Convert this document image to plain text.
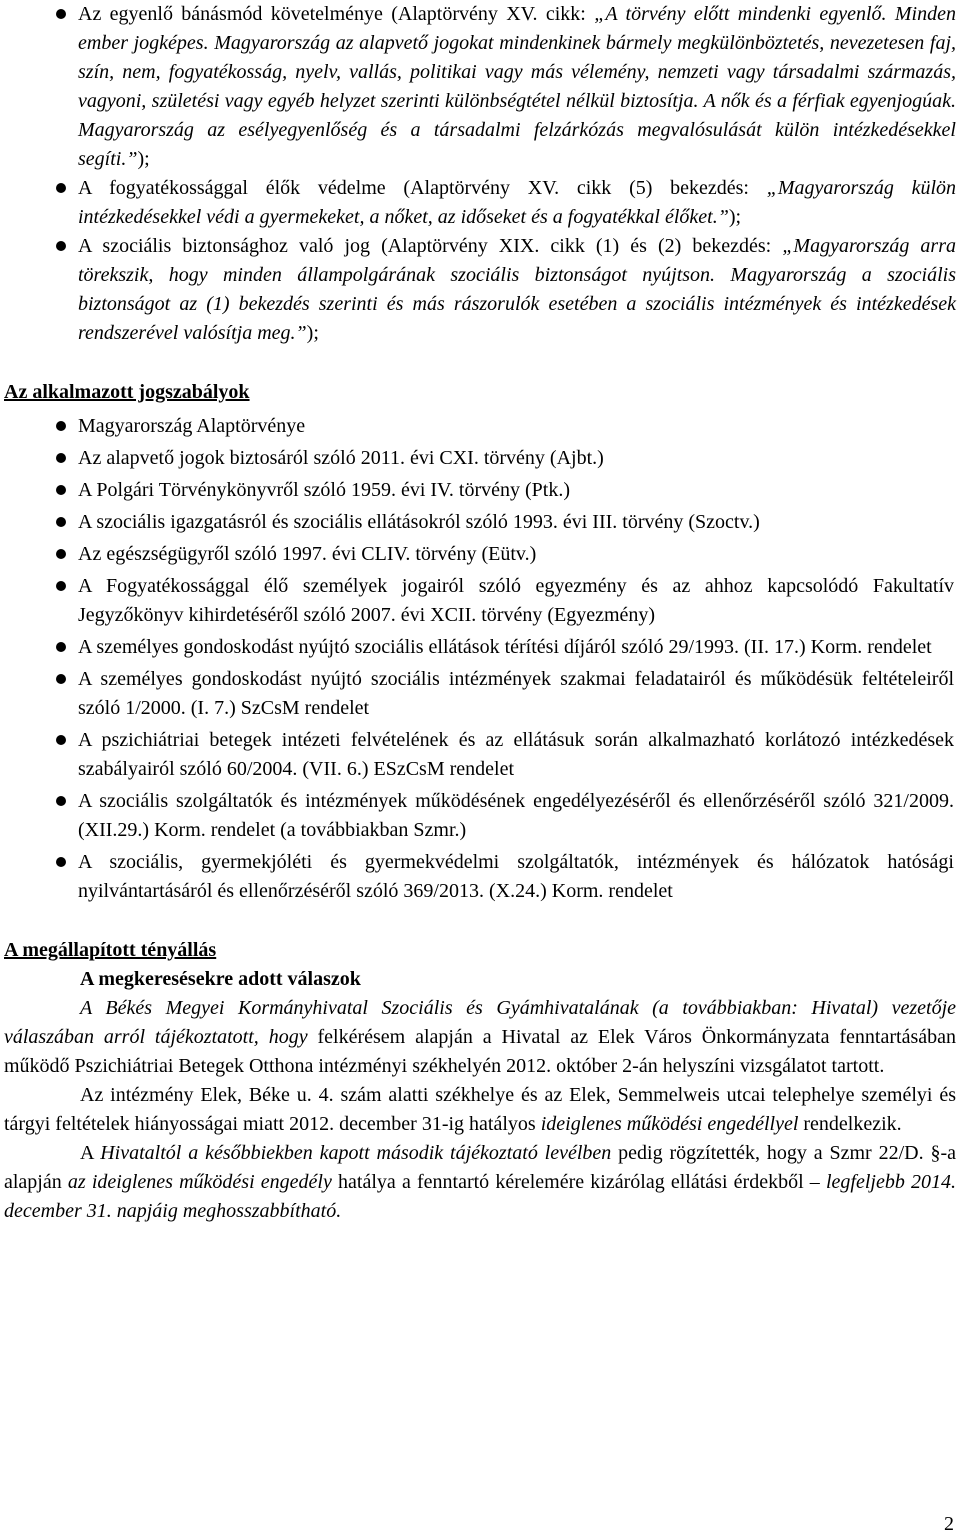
Az egyenlő bánásmód követelménye (Alaptörvény XV. cikk: „A törvény előtt mindenki egyenlő. Minden ember jogképes. Magyarország az alapvető jogokat mindenkinek bármely megkülönböztetés, nevezetesen faj, szín, nem, fogyatékosság, nyelv, vallás, politikai vagy más vélemény, nemzeti vagy társadalmi származás, vagyoni, születési vagy egyéb helyzet szerinti különbségtétel nélkül biztosítja. A nők és a férfiak egyenjogúak. Magyarország az esélyegyenlőség és a társadalmi felzárkózás megvalósulását külön intézkedésekkel segíti.”);
A fogyatékossággal élők védelme (Alaptörvény XV. cikk (5) bekezdés: „Magyarország külön intézkedésekkel védi a gyermekeket, a nőket, az időseket és a fogyatékkal élőket.”);
A szociális biztonsághoz való jog (Alaptörvény XIX. cikk (1) és (2) bekezdés: „Magyarország arra törekszik, hogy minden állampolgárának szociális biztonságot nyújtson. Magyarország a szociális biztonságot az (1) bekezdés szerinti és más rászorulók esetében a szociális intézmények és intézkedések rendszerével valósítja meg.”);

Az alkalmazott jogszabályok

Magyarország Alaptörvénye
Az alapvető jogok biztosáról szóló 2011. évi CXI. törvény (Ajbt.)
A Polgári Törvénykönyvről szóló 1959. évi IV. törvény (Ptk.)
A szociális igazgatásról és szociális ellátásokról szóló 1993. évi III. törvény (Szoctv.)
Az egészségügyről szóló 1997. évi CLIV. törvény (Eütv.)
A Fogyatékossággal élő személyek jogairól szóló egyezmény és az ahhoz kapcsolódó Fakultatív Jegyzőkönyv kihirdetéséről szóló 2007. évi XCII. törvény (Egyezmény)
A személyes gondoskodást nyújtó szociális ellátások térítési díjáról szóló 29/1993. (II. 17.) Korm. rendelet
A személyes gondoskodást nyújtó szociális intézmények szakmai feladatairól és működésük feltételeiről szóló 1/2000. (I. 7.) SzCsM rendelet
A pszichiátriai betegek intézeti felvételének és az ellátásuk során alkalmazható korlátozó intézkedések szabályairól szóló 60/2004. (VII. 6.) ESzCsM rendelet
A szociális szolgáltatók és intézmények működésének engedélyezéséről és ellenőrzéséről szóló 321/2009. (XII.29.) Korm. rendelet (a továbbiakban Szmr.)
A szociális, gyermekjóléti és gyermekvédelmi szolgáltatók, intézmények és hálózatok hatósági nyilvántartásáról és ellenőrzéséről szóló 369/2013. (X.24.) Korm. rendelet

A megállapított tényállás

A megkeresésekre adott válaszok

A Békés Megyei Kormányhivatal Szociális és Gyámhivatalának (a továbbiakban: Hivatal) vezetője válaszában arról tájékoztatott, hogy felkérésem alapján a Hivatal az Elek Város Önkormányzata fenntartásában működő Pszichiátriai Betegek Otthona intézményi székhelyén 2012. október 2-án helyszíni vizsgálatot tartott.

Az intézmény Elek, Béke u. 4. szám alatti székhelye és az Elek, Semmelweis utcai telephelye személyi és tárgyi feltételek hiányosságai miatt 2012. december 31-ig hatályos ideiglenes működési engedéllyel rendelkezik.

A Hivataltól a későbbiekben kapott második tájékoztató levélben pedig rögzítették, hogy a Szmr 22/D. §-a alapján az ideiglenes működési engedély hatálya a fenntartó kérelemére kizárólag ellátási érdekből – legfeljebb 2014. december 31. napjáig meghosszabbítható.

2
